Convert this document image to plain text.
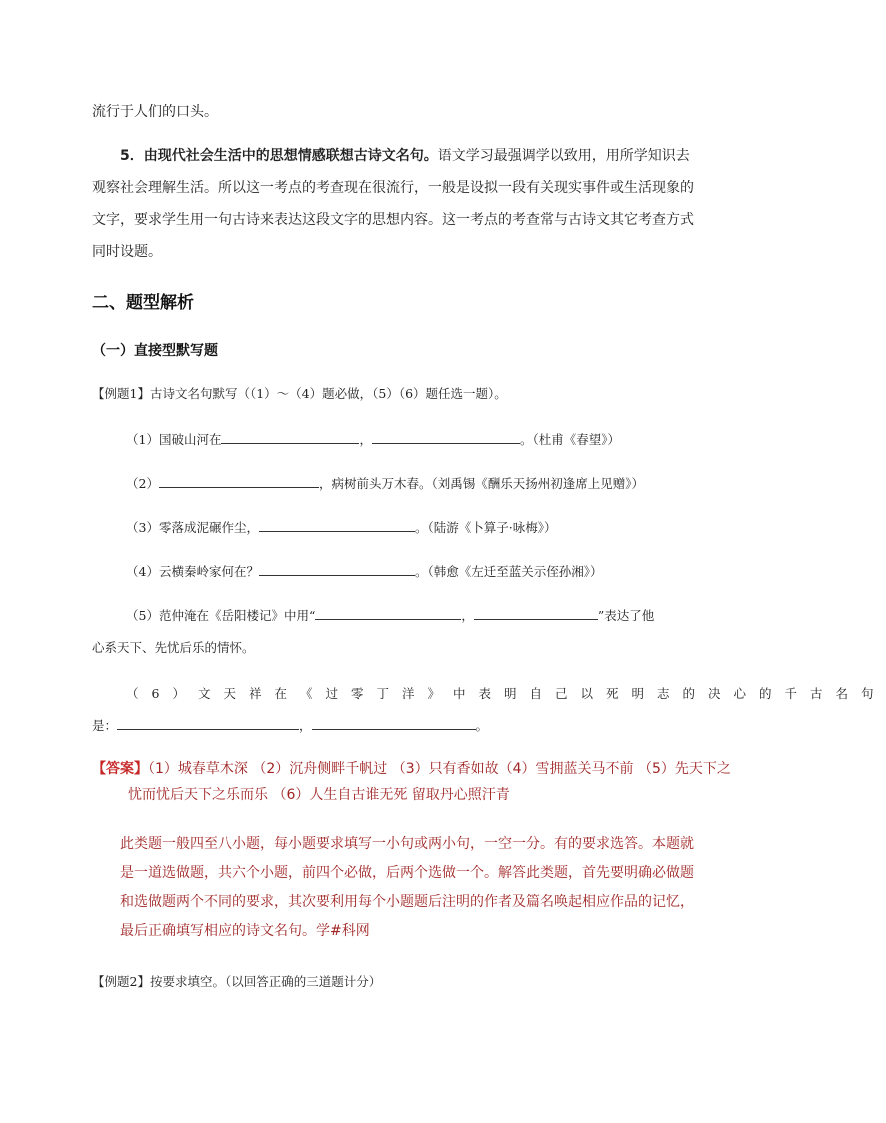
流行于人们的口头。
5．由现代社会生活中的思想情感联想古诗文名句。语文学习最强调学以致用，用所学知识去观察社会理解生活。所以这一考点的考查现在很流行，一般是设拟一段有关现实事件或生活现象的文字，要求学生用一句古诗来表达这段文字的思想内容。这一考点的考查常与古诗文其它考查方式同时设题。
二、题型解析
（一）直接型默写题
【例题1】古诗文名句默写（（1）～（4）题必做，（5）（6）题任选一题）。
（1）国破山河在	，	。（杜甫《春望》）
（2）	，病树前头万木春。（刘禹锡《酬乐天扬州初逢席上见赠》）
（3）零落成泥碾作尘，	。（陆游《卜算子·咏梅》）
（4）云横秦岭家何在？	。（韩愈《左迁至蓝关示侄孙湘》）
（5）范仲淹在《岳阳楼记》中用“	，	”表达了他
心系天下、先忧后乐的情怀。
（6）文天祥在《过零丁洋》中表明自己以死明志的决心的千古名句
是：	，	。
【答案】（1）城春草木深 （2）沉舟侧畔千帆过 （3）只有香如故（4）雪拥蓝关马不前 （5）先天下之忧而忧后天下之乐而乐 （6）人生自古谁无死 留取丹心照汗青
此类题一般四至八小题，每小题要求填写一小句或两小句，一空一分。有的要求选答。本题就是一道选做题，共六个小题，前四个必做，后两个选做一个。解答此类题，首先要明确必做题和选做题两个不同的要求，其次要利用每个小题题后注明的作者及篇名唤起相应作品的记忆，最后正确填写相应的诗文名句。学#科网
【例题2】按要求填空。（以回答正确的三道题计分）
